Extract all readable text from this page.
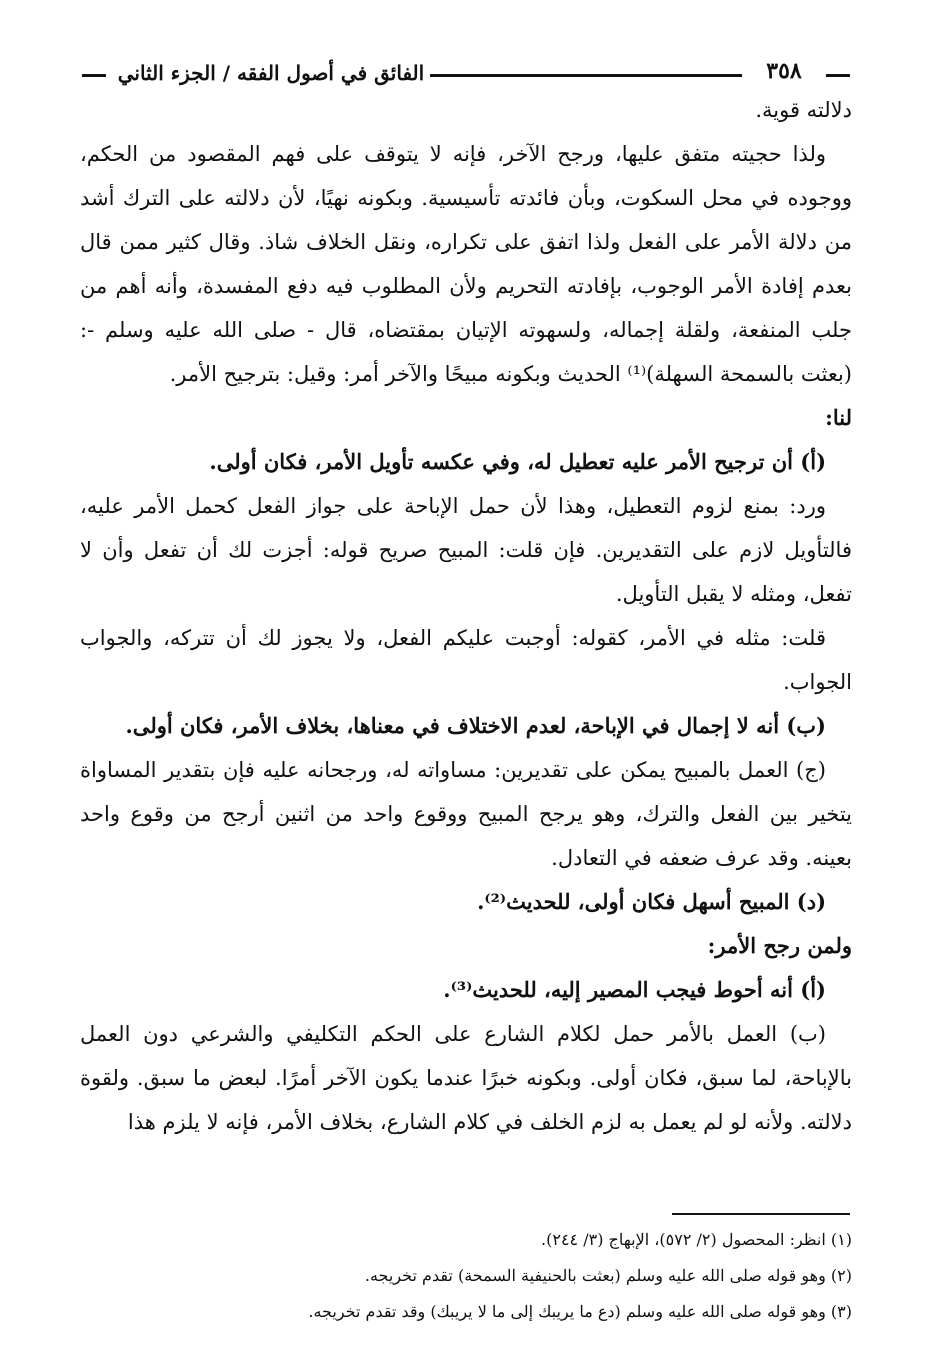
الفائق في أصول الفقه / الجزء الثاني	٣٥٨

دلالته قوية.

ولذا حجيته متفق عليها، ورجح الآخر، فإنه لا يتوقف على فهم المقصود من الحكم، ووجوده في محل السكوت، وبأن فائدته تأسيسية. وبكونه نهيًا، لأن دلالته على الترك أشد من دلالة الأمر على الفعل ولذا اتفق على تكراره، ونقل الخلاف شاذ. وقال كثير ممن قال بعدم إفادة الأمر الوجوب، بإفادته التحريم ولأن المطلوب فيه دفع المفسدة، وأنه أهم من جلب المنفعة، ولقلة إجماله، ولسهوته الإتيان بمقتضاه، قال - صلى الله عليه وسلم -: (بعثت بالسمحة السهلة)⁽¹⁾ الحديث وبكونه مبيحًا والآخر أمر: وقيل: بترجيح الأمر.

لنا:

(أ) أن ترجيح الأمر عليه تعطيل له، وفي عكسه تأويل الأمر، فكان أولى.

ورد: بمنع لزوم التعطيل، وهذا لأن حمل الإباحة على جواز الفعل كحمل الأمر عليه، فالتأويل لازم على التقديرين. فإن قلت: المبيح صريح قوله: أجزت لك أن تفعل وأن لا تفعل، ومثله لا يقبل التأويل.

قلت: مثله في الأمر، كقوله: أوجبت عليكم الفعل، ولا يجوز لك أن تتركه، والجواب الجواب.

(ب) أنه لا إجمال في الإباحة، لعدم الاختلاف في معناها، بخلاف الأمر، فكان أولى.

(ج) العمل بالمبيح يمكن على تقديرين: مساواته له، ورجحانه عليه فإن بتقدير المساواة يتخير بين الفعل والترك، وهو يرجح المبيح ووقوع واحد من اثنين أرجح من وقوع واحد بعينه. وقد عرف ضعفه في التعادل.

(د) المبيح أسهل فكان أولى، للحديث⁽²⁾.

ولمن رجح الأمر:

(أ) أنه أحوط فيجب المصير إليه، للحديث⁽³⁾.

(ب) العمل بالأمر حمل لكلام الشارع على الحكم التكليفي والشرعي دون العمل بالإباحة، لما سبق، فكان أولى. وبكونه خبرًا عندما يكون الآخر أمرًا. لبعض ما سبق. ولقوة دلالته. ولأنه لو لم يعمل به لزم الخلف في كلام الشارع، بخلاف الأمر، فإنه لا يلزم هذا

(١) انظر: المحصول (٢/ ٥٧٢)، الإبهاج (٣/ ٢٤٤).

(٢) وهو قوله صلى الله عليه وسلم (بعثت بالحنيفية السمحة) تقدم تخريجه.

(٣) وهو قوله صلى الله عليه وسلم (دع ما يريبك إلى ما لا يريبك) وقد تقدم تخريجه.
